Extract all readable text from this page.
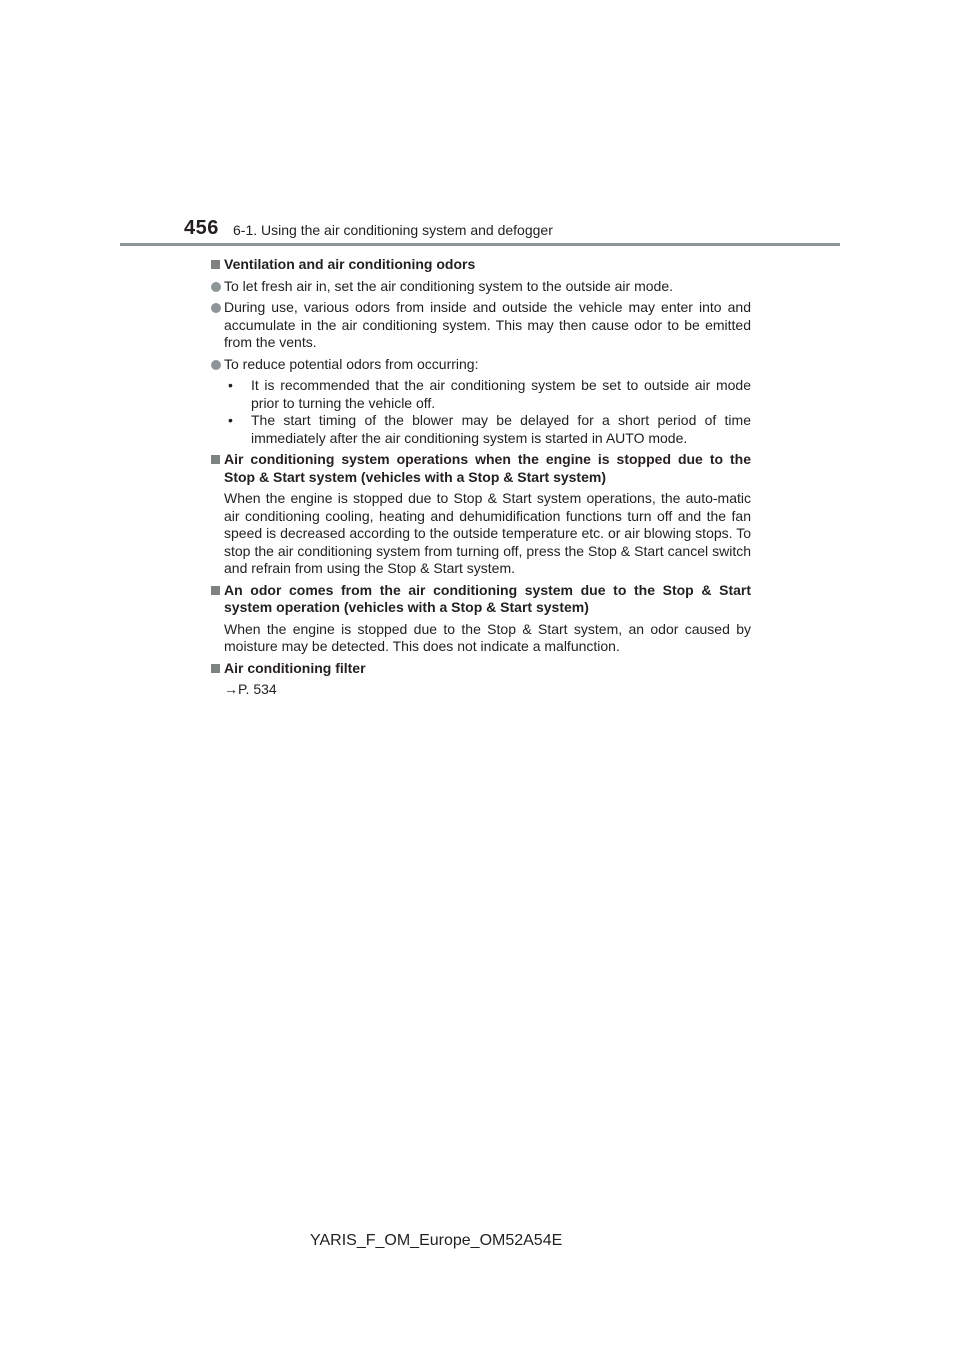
456 6-1. Using the air conditioning system and defogger
Ventilation and air conditioning odors
To let fresh air in, set the air conditioning system to the outside air mode.
During use, various odors from inside and outside the vehicle may enter into and accumulate in the air conditioning system. This may then cause odor to be emitted from the vents.
To reduce potential odors from occurring:
• It is recommended that the air conditioning system be set to outside air mode prior to turning the vehicle off.
• The start timing of the blower may be delayed for a short period of time immediately after the air conditioning system is started in AUTO mode.
Air conditioning system operations when the engine is stopped due to the Stop & Start system (vehicles with a Stop & Start system)
When the engine is stopped due to Stop & Start system operations, the auto-matic air conditioning cooling, heating and dehumidification functions turn off and the fan speed is decreased according to the outside temperature etc. or air blowing stops. To stop the air conditioning system from turning off, press the Stop & Start cancel switch and refrain from using the Stop & Start system.
An odor comes from the air conditioning system due to the Stop & Start system operation (vehicles with a Stop & Start system)
When the engine is stopped due to the Stop & Start system, an odor caused by moisture may be detected. This does not indicate a malfunction.
Air conditioning filter
→P. 534
YARIS_F_OM_Europe_OM52A54E
